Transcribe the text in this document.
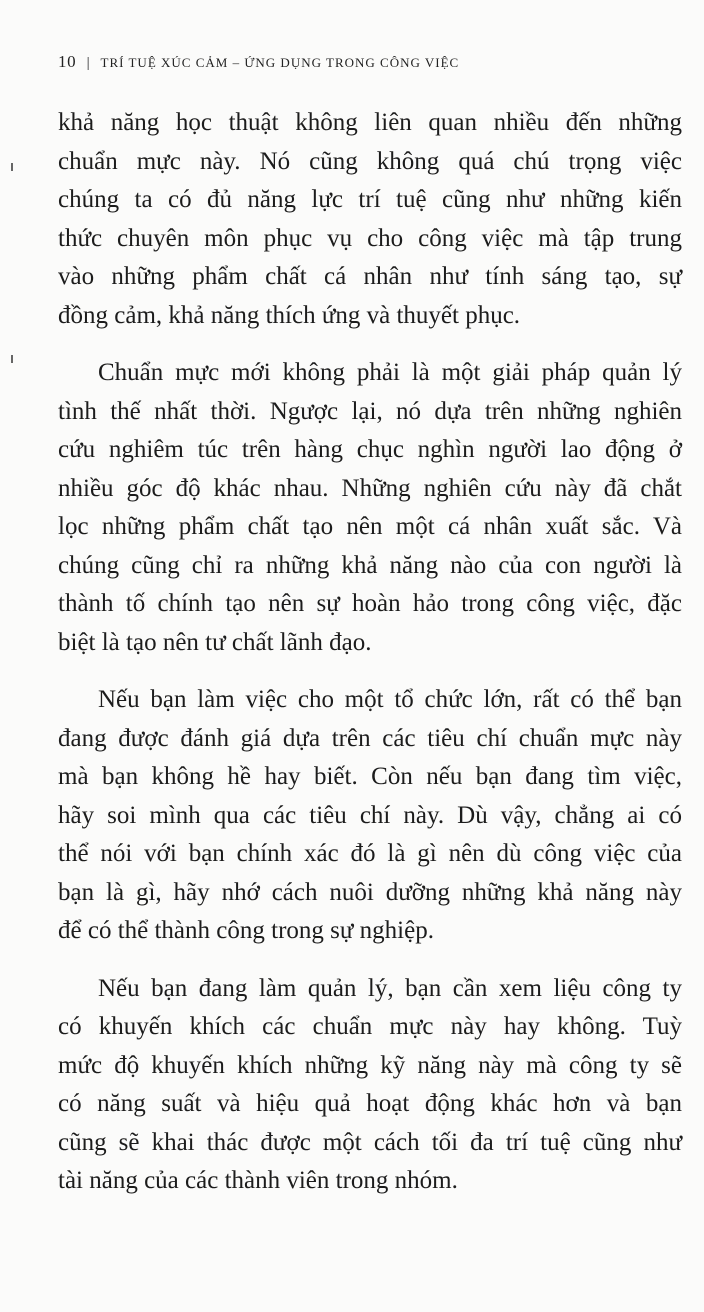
10 | TRÍ TUỆ XÚC CẢM – ỨNG DỤNG TRONG CÔNG VIỆC
khả năng học thuật không liên quan nhiều đến những
chuẩn mực này. Nó cũng không quá chú trọng việc
chúng ta có đủ năng lực trí tuệ cũng như những kiến
thức chuyên môn phục vụ cho công việc mà tập trung
vào những phẩm chất cá nhân như tính sáng tạo, sự
đồng cảm, khả năng thích ứng và thuyết phục.
Chuẩn mực mới không phải là một giải pháp quản lý
tình thế nhất thời. Ngược lại, nó dựa trên những nghiên
cứu nghiêm túc trên hàng chục nghìn người lao động ở
nhiều góc độ khác nhau. Những nghiên cứu này đã chắt
lọc những phẩm chất tạo nên một cá nhân xuất sắc. Và
chúng cũng chỉ ra những khả năng nào của con người là
thành tố chính tạo nên sự hoàn hảo trong công việc, đặc
biệt là tạo nên tư chất lãnh đạo.
Nếu bạn làm việc cho một tổ chức lớn, rất có thể bạn
đang được đánh giá dựa trên các tiêu chí chuẩn mực này
mà bạn không hề hay biết. Còn nếu bạn đang tìm việc,
hãy soi mình qua các tiêu chí này. Dù vậy, chẳng ai có
thể nói với bạn chính xác đó là gì nên dù công việc của
bạn là gì, hãy nhớ cách nuôi dưỡng những khả năng này
để có thể thành công trong sự nghiệp.
Nếu bạn đang làm quản lý, bạn cần xem liệu công ty
có khuyến khích các chuẩn mực này hay không. Tuỳ
mức độ khuyến khích những kỹ năng này mà công ty sẽ
có năng suất và hiệu quả hoạt động khác hơn và bạn
cũng sẽ khai thác được một cách tối đa trí tuệ cũng như
tài năng của các thành viên trong nhóm.
